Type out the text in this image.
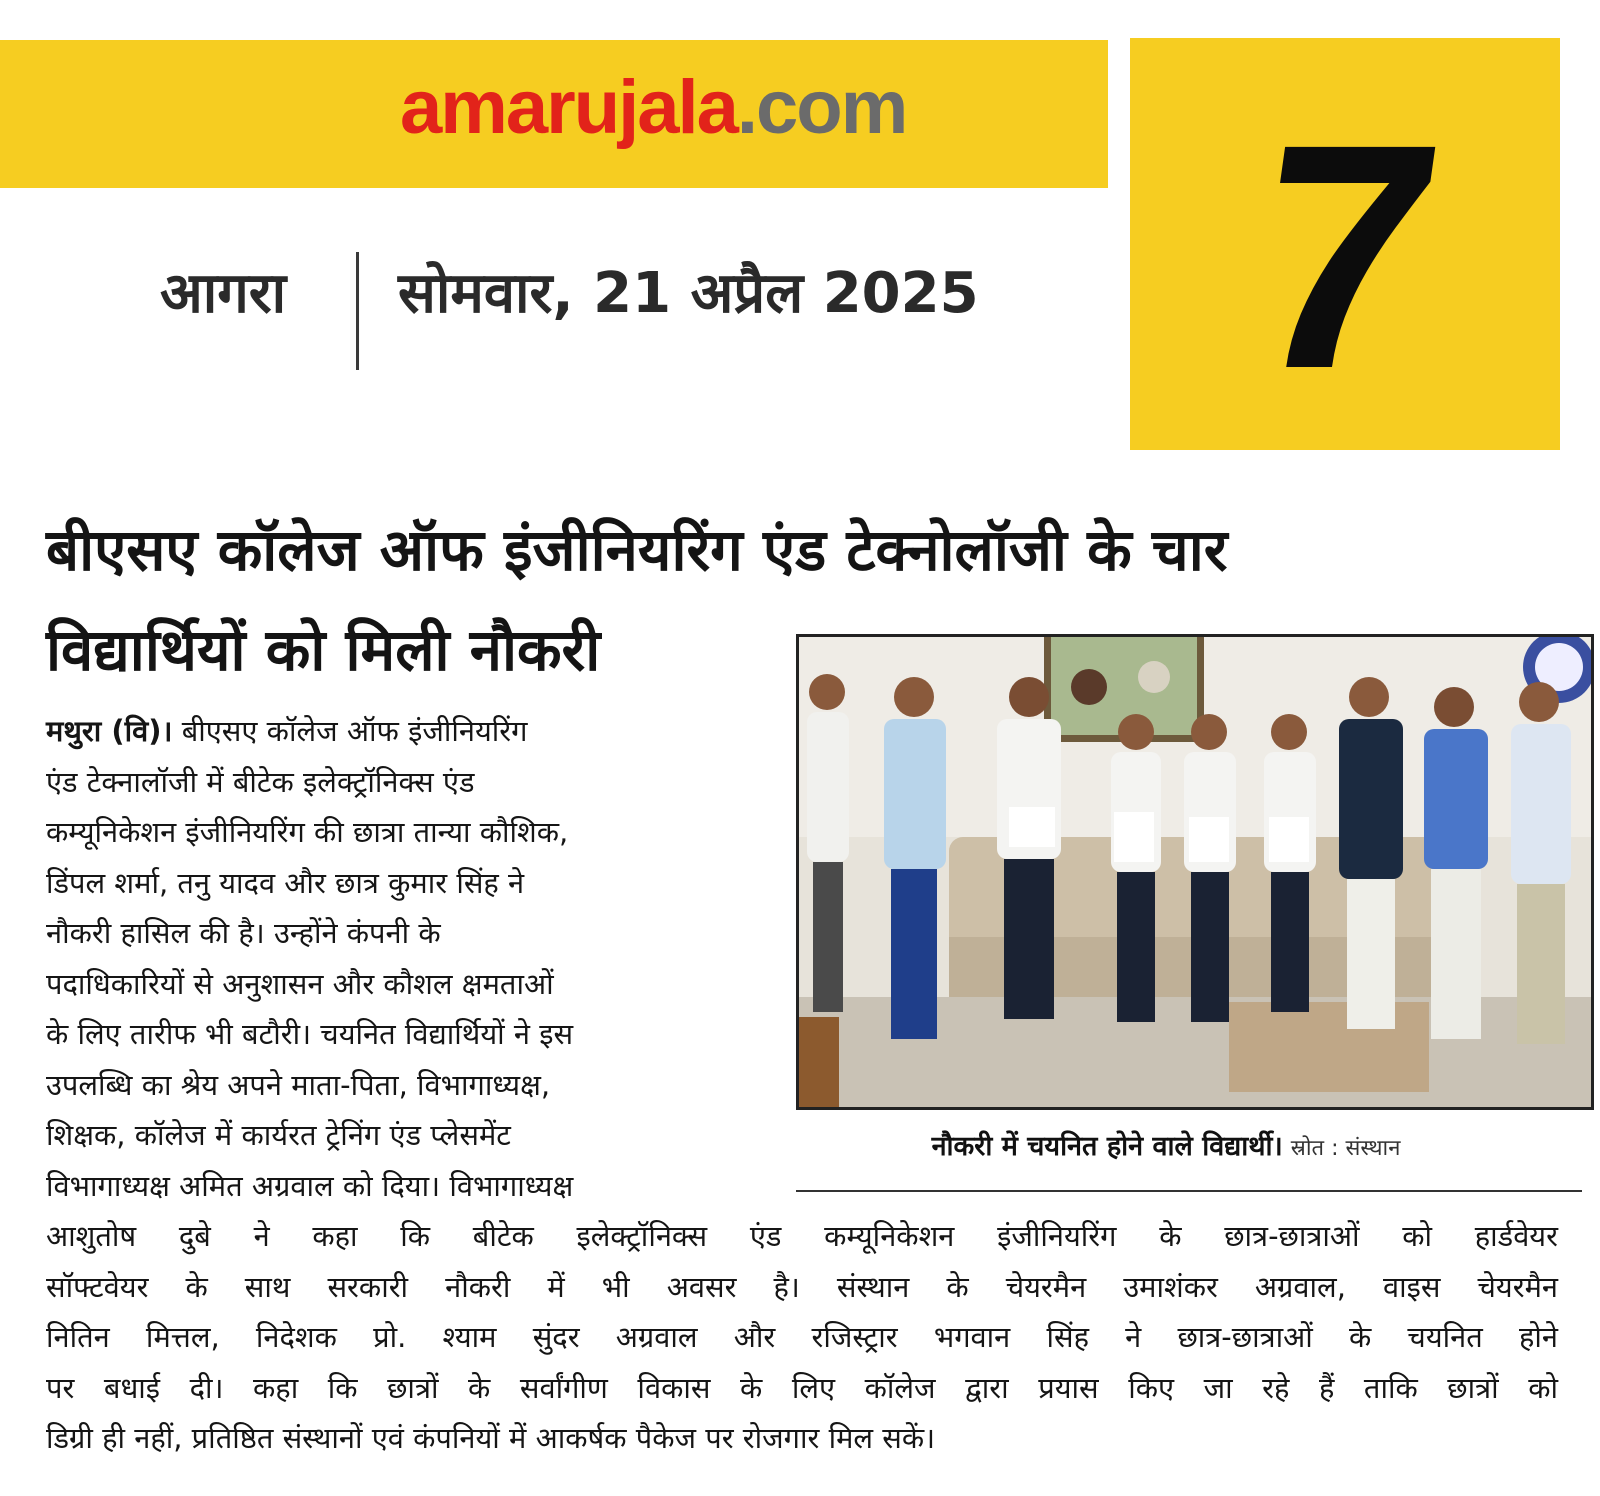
amarujala.com
आगरा सोमवार, 21 अप्रैल 2025 7
बीएसए कॉलेज ऑफ इंजीनियरिंग एंड टेक्नोलॉजी के चार
विद्यार्थियों को मिली नौकरी
नौकरी में चयनित होने वाले विद्यार्थी। स्रोत : संस्थान
मथुरा (वि)। बीएसए कॉलेज ऑफ इंजीनियरिंग
एंड टेक्नालॉजी में बीटेक इलेक्ट्रॉनिक्स एंड
कम्यूनिकेशन इंजीनियरिंग की छात्रा तान्या कौशिक,
डिंपल शर्मा, तनु यादव और छात्र कुमार सिंह ने
नौकरी हासिल की है। उन्होंने कंपनी के
पदाधिकारियों से अनुशासन और कौशल क्षमताओं
के लिए तारीफ भी बटौरी। चयनित विद्यार्थियों ने इस
उपलब्धि का श्रेय अपने माता-पिता, विभागाध्यक्ष,
शिक्षक, कॉलेज में कार्यरत ट्रेनिंग एंड प्लेसमेंट
विभागाध्यक्ष अमित अग्रवाल को दिया। विभागाध्यक्ष
आशुतोष दुबे ने कहा कि बीटेक इलेक्ट्रॉनिक्स एंड कम्यूनिकेशन इंजीनियरिंग के छात्र-छात्राओं को हार्डवेयर
सॉफ्टवेयर के साथ सरकारी नौकरी में भी अवसर है। संस्थान के चेयरमैन उमाशंकर अग्रवाल, वाइस चेयरमैन
नितिन मित्तल, निदेशक प्रो. श्याम सुंदर अग्रवाल और रजिस्ट्रार भगवान सिंह ने छात्र-छात्राओं के चयनित होने
पर बधाई दी। कहा कि छात्रों के सर्वांगीण विकास के लिए कॉलेज द्वारा प्रयास किए जा रहे हैं ताकि छात्रों को
डिग्री ही नहीं, प्रतिष्ठित संस्थानों एवं कंपनियों में आकर्षक पैकेज पर रोजगार मिल सकें।
